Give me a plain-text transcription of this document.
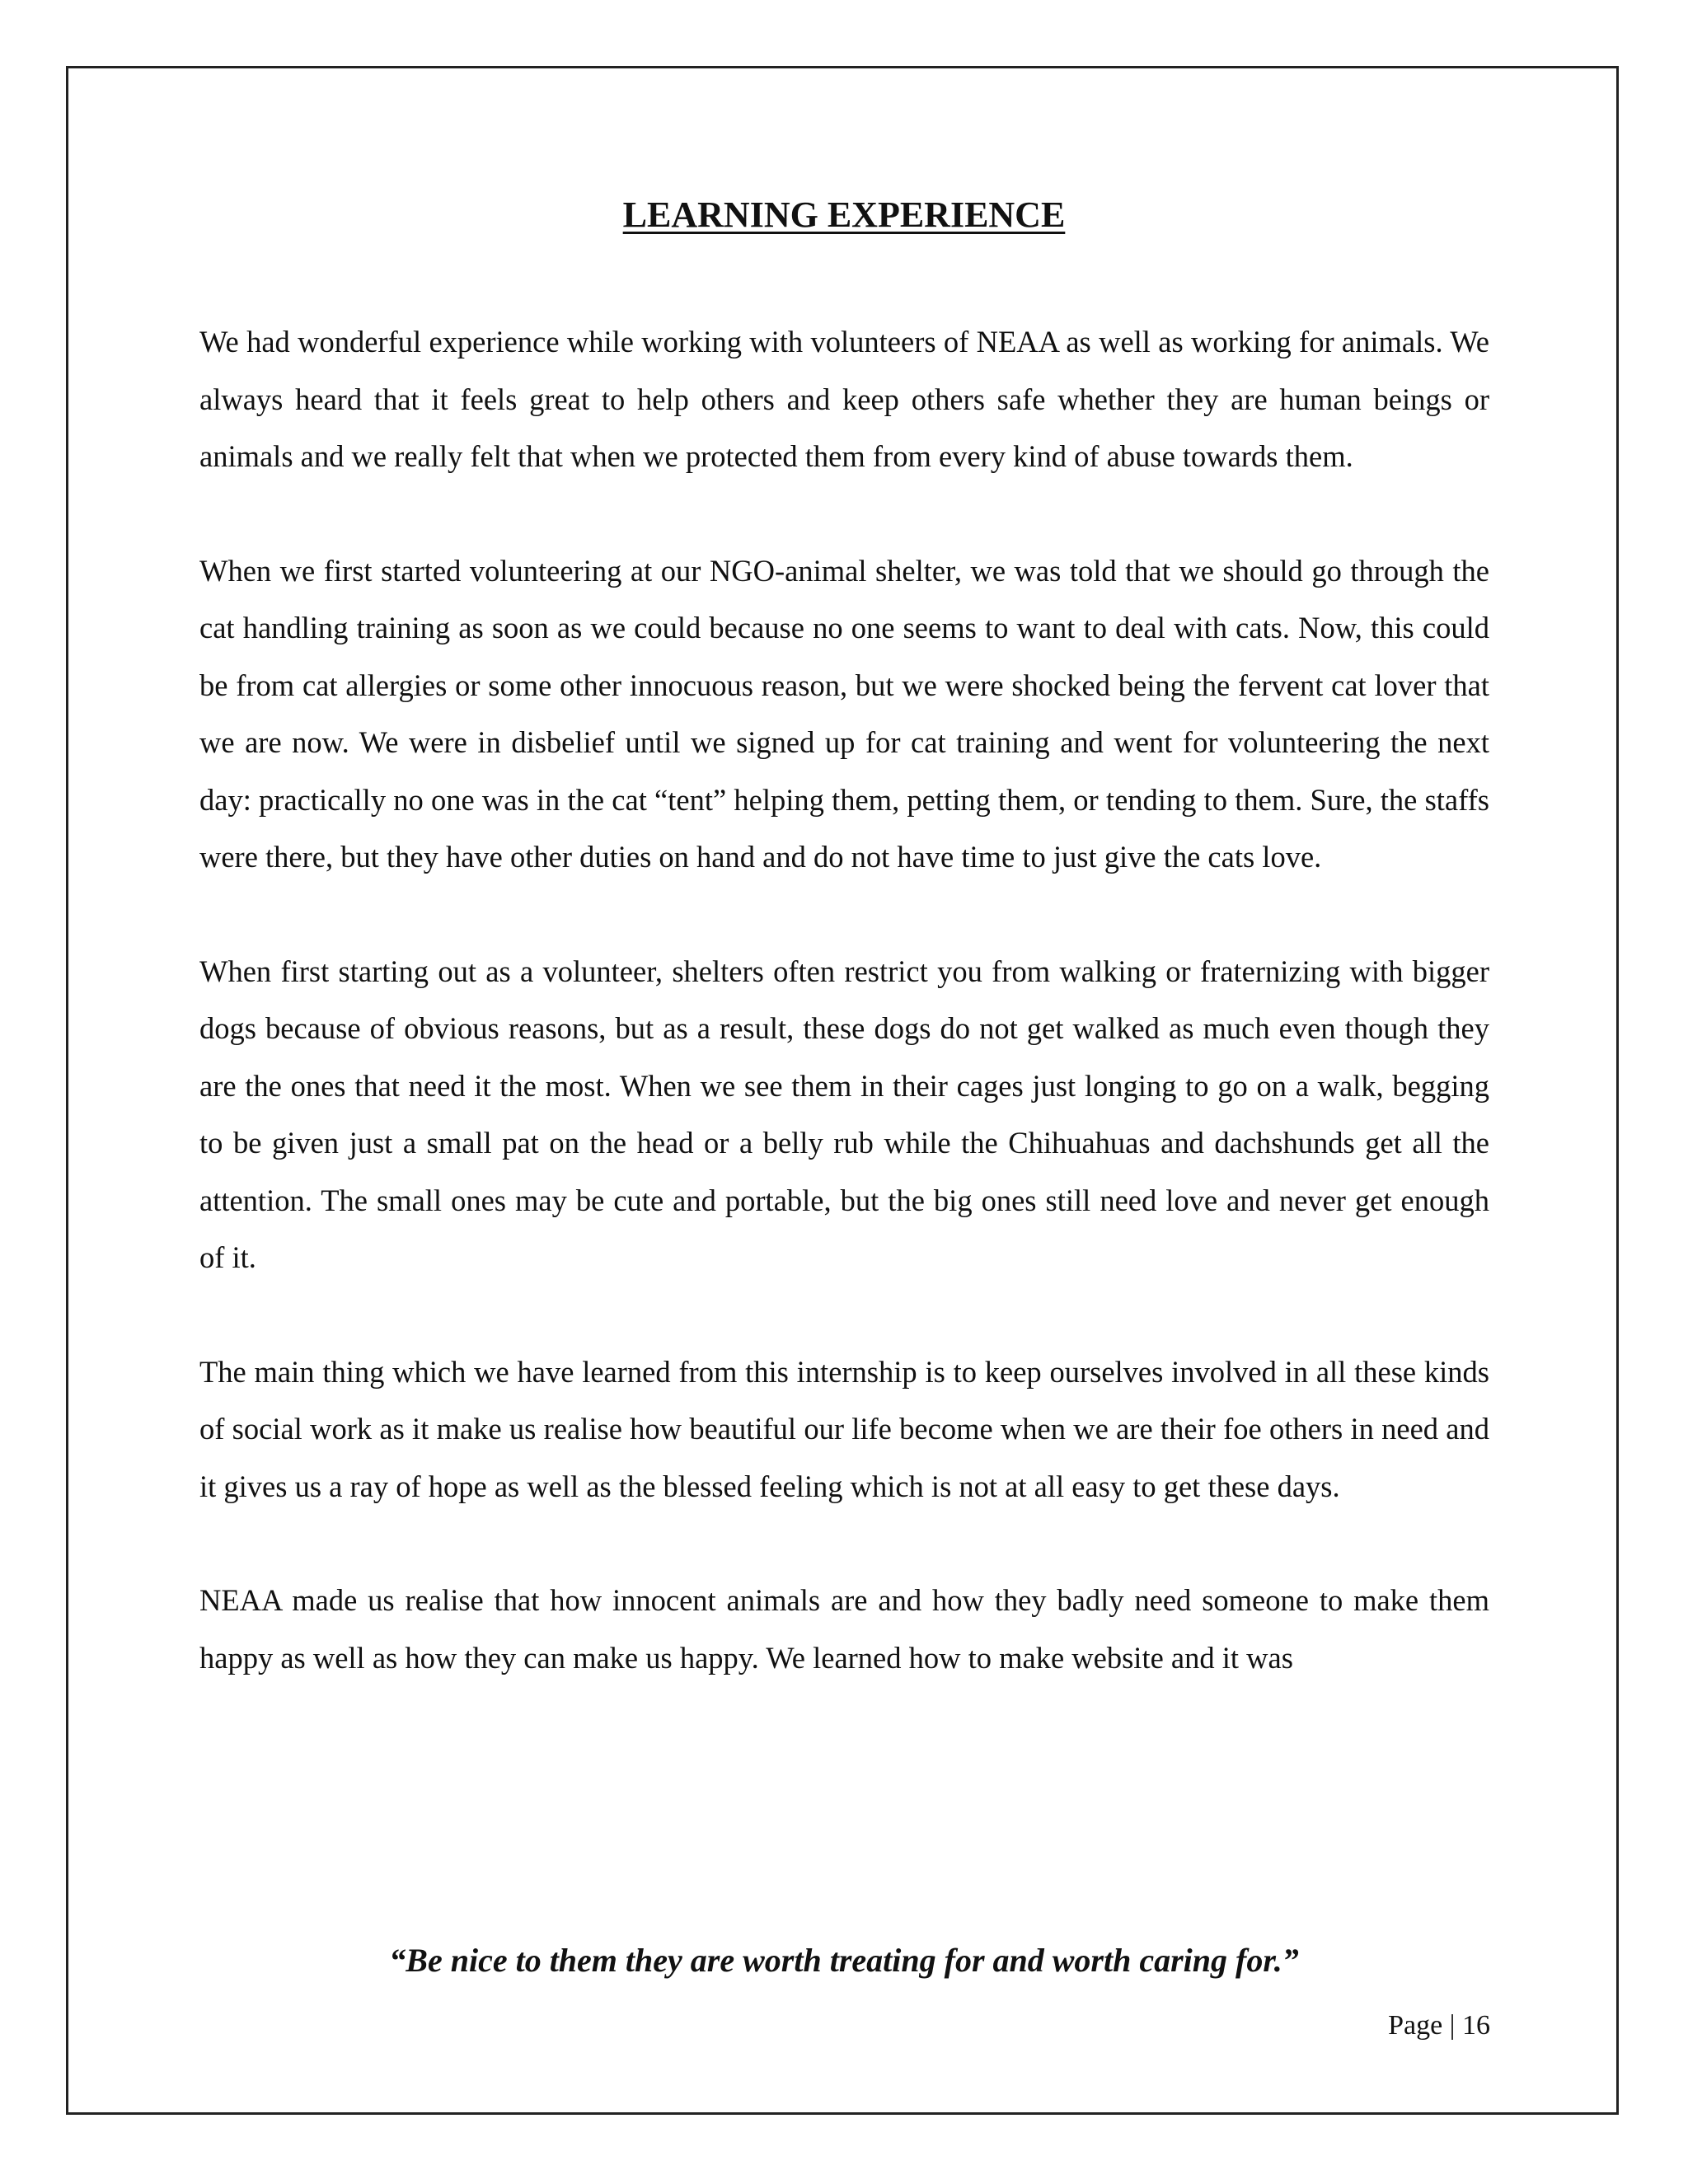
LEARNING EXPERIENCE

We had wonderful experience while working with volunteers of NEAA as well as working for animals. We always heard that it feels great to help others and keep others safe whether they are human beings or animals and we really felt that when we protected them from every kind of abuse towards them.

When we first started volunteering at our NGO-animal shelter, we was told that we should go through the cat handling training as soon as we could because no one seems to want to deal with cats. Now, this could be from cat allergies or some other innocuous reason, but we were shocked being the fervent cat lover that we are now. We were in disbelief until we signed up for cat training and went for volunteering the next day: practically no one was in the cat “tent” helping them, petting them, or tending to them. Sure, the staffs were there, but they have other duties on hand and do not have time to just give the cats love.

When first starting out as a volunteer, shelters often restrict you from walking or fraternizing with bigger dogs because of obvious reasons, but as a result, these dogs do not get walked as much even though they are the ones that need it the most. When we see them in their cages just longing to go on a walk, begging to be given just a small pat on the head or a belly rub while the Chihuahuas and dachshunds get all the attention. The small ones may be cute and portable, but the big ones still need love and never get enough of it.

The main thing which we have learned from this internship is to keep ourselves involved in all these kinds of social work as it make us realise how beautiful our life become when we are their foe others in need and it gives us a ray of hope as well as the blessed feeling which is not at all easy to get these days.

NEAA made us realise that how innocent animals are and how they badly need someone to make them happy as well as how they can make us happy. We learned how to make website and it was

“Be nice to them they are worth treating for and worth caring for.”
Page | 16
